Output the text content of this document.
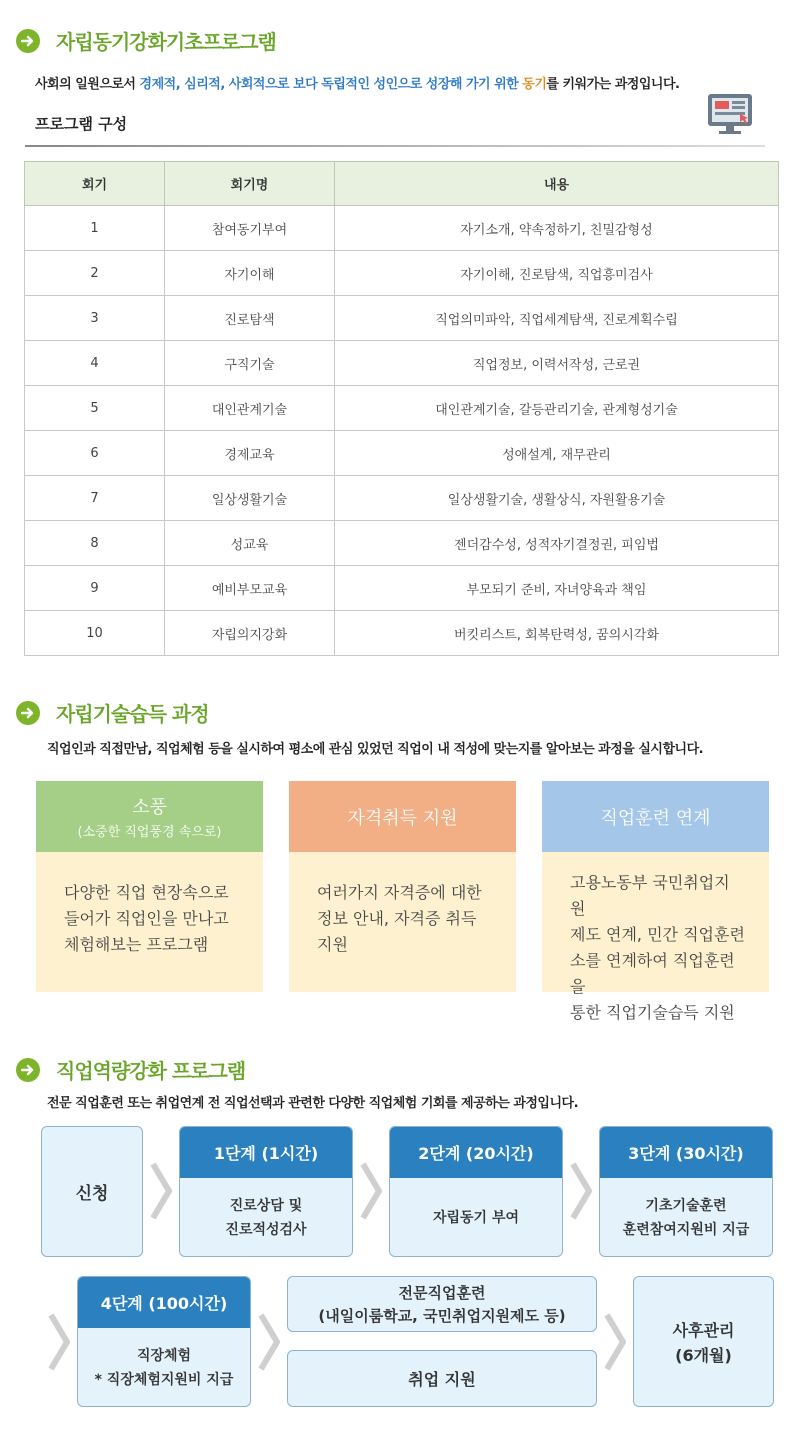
자립동기강화기초프로그램
사회의 일원으로서 경제적, 심리적, 사회적으로 보다 독립적인 성인으로 성장해 가기 위한 동기를 키워가는 과정입니다.
프로그램 구성
회기	회기명	내용
1	참여동기부여	자기소개, 약속정하기, 친밀감형성
2	자기이해	자기이해, 진로탐색, 직업흥미검사
3	진로탐색	직업의미파악, 직업세계탐색, 진로계획수립
4	구직기술	직업정보, 이력서작성, 근로권
5	대인관계기술	대인관계기술, 갈등관리기술, 관계형성기술
6	경제교육	성애설계, 재무관리
7	일상생활기술	일상생활기술, 생활상식, 자원활용기술
8	성교육	젠더감수성, 성적자기결정권, 피임법
9	예비부모교육	부모되기 준비, 자녀양육과 책임
10	자립의지강화	버킷리스트, 회복탄력성, 꿈의시각화
자립기술습득 과정
직업인과 직접만남, 직업체험 등을 실시하여 평소에 관심 있었던 직업이 내 적성에 맞는지를 알아보는 과정을 실시합니다.
소풍
(소중한 직업풍경 속으로)
다양한 직업 현장속으로
들어가 직업인을 만나고
체험해보는 프로그램
자격취득 지원
여러가지 자격증에 대한
정보 안내, 자격증 취득
지원
직업훈련 연계
고용노동부 국민취업지원
제도 연계, 민간 직업훈련
소를 연계하여 직업훈련을
통한 직업기술습득 지원
직업역량강화 프로그램
전문 직업훈련 또는 취업연계 전 직업선택과 관련한 다양한 직업체험 기회를 제공하는 과정입니다.
신청
1단계 (1시간)
진로상담 및
진로적성검사
2단계 (20시간)
자립동기 부여
3단계 (30시간)
기초기술훈련
훈련참여지원비 지급
4단계 (100시간)
직장체험
* 직장체험지원비 지급
전문직업훈련
(내일이룸학교, 국민취업지원제도 등)
취업 지원
사후관리
(6개월)
